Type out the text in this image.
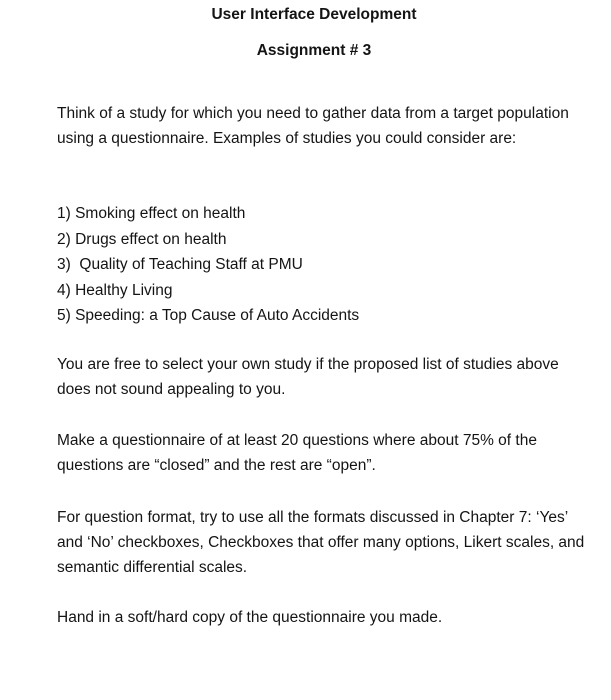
User Interface Development
Assignment # 3

Think of a study for which you need to gather data from a target population using a questionnaire. Examples of studies you could consider are:

1) Smoking effect on health
2) Drugs effect on health
3)  Quality of Teaching Staff at PMU
4) Healthy Living
5) Speeding: a Top Cause of Auto Accidents

You are free to select your own study if the proposed list of studies above does not sound appealing to you.

Make a questionnaire of at least 20 questions where about 75% of the questions are “closed” and the rest are “open”.

For question format, try to use all the formats discussed in Chapter 7: ‘Yes’ and ‘No’ checkboxes, Checkboxes that offer many options, Likert scales, and semantic differential scales.

Hand in a soft/hard copy of the questionnaire you made.
